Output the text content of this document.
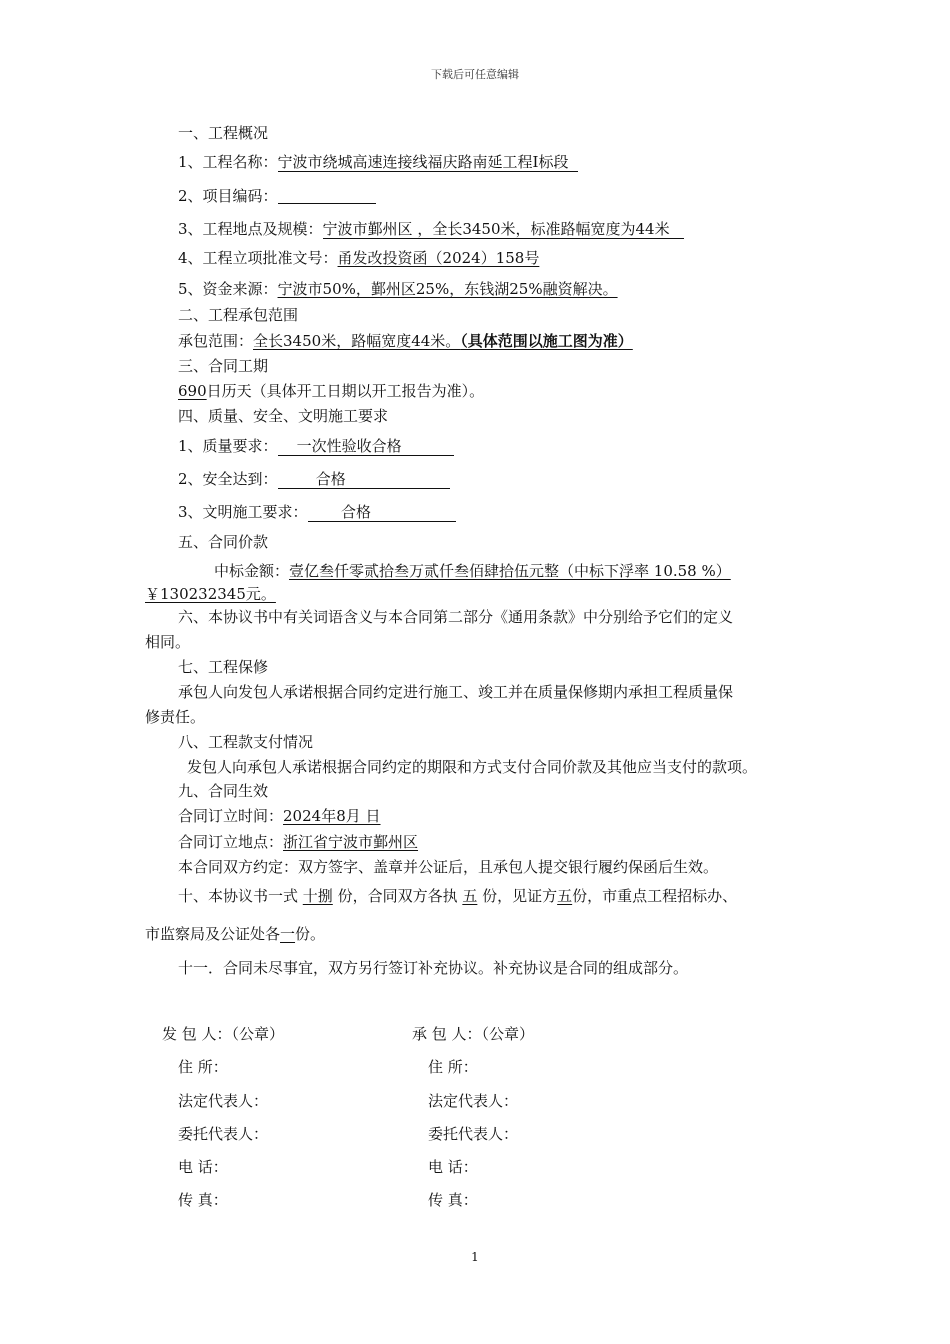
下载后可任意编辑
一、工程概况
1、工程名称：宁波市绕城高速连接线福庆路南延工程Ⅰ标段
2、项目编码：
3、工程地点及规模：宁波市鄞州区 ，全长3450米，标准路幅宽度为44米
4、工程立项批准文号：甬发改投资函（2024）158号
5、资金来源：宁波市50%，鄞州区25%，东钱湖25%融资解决。
二、工程承包范围
承包范围：全长3450米，路幅宽度44米。（具体范围以施工图为准）
三、合同工期
690日历天（具体开工日期以开工报告为准）。
四、质量、安全、文明施工要求
1、质量要求： 一次性验收合格
2、安全达到：	合格
3、文明施工要求： 合格
五、合同价款
中标金额：壹亿叁仟零贰拾叁万贰仟叁佰肆拾伍元整（中标下浮率 10.58 %）
￥130232345元。
六、本协议书中有关词语含义与本合同第二部分《通用条款》中分别给予它们的定义
相同。
七、工程保修
承包人向发包人承诺根据合同约定进行施工、竣工并在质量保修期内承担工程质量保
修责任。
八、工程款支付情况
发包人向承包人承诺根据合同约定的期限和方式支付合同价款及其他应当支付的款项。
九、合同生效
合同订立时间：2024年8月 日
合同订立地点：浙江省宁波市鄞州区
本合同双方约定：双方签字、盖章并公证后，且承包人提交银行履约保函后生效。
十、本协议书一式 十捌 份，合同双方各执 五 份，见证方五份，市重点工程招标办、
市监察局及公证处各一份。
十一．合同未尽事宜，双方另行签订补充协议。补充协议是合同的组成部分。
发 包 人：（公章）	承 包 人：（公章）
住 所：	住 所：
法定代表人：	法定代表人：
委托代表人：	委托代表人：
电 话：	电 话：
传 真：	传 真：
1
